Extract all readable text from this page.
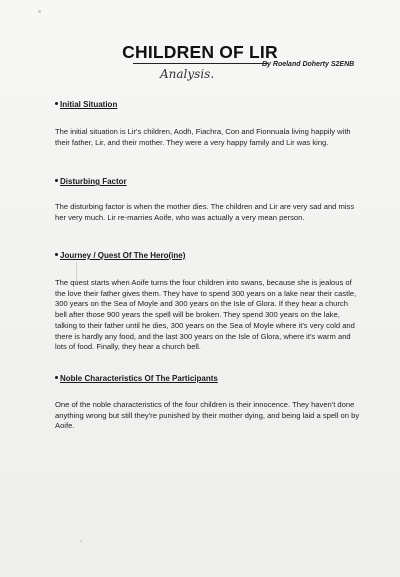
CHILDREN OF LIR
By Roeland Doherty S2ENB
Analysis.
Initial Situation
The initial situation is Lir's children, Aodh, Fiachra, Con and Fionnuala living happily with their father, Lir, and their mother. They were a very happy family and Lir was king.
Disturbing Factor
The disturbing factor is when the mother dies. The children and Lir are very sad and miss her very much. Lir re-marries Aoife, who was actually a very mean person.
Journey / Quest Of The Hero(ine)
The quest starts when Aoife turns the four children into swans, because she is jealous of the love their father gives them. They have to spend 300 years on a lake near their castle, 300 years on the Sea of Moyle and 300 years on the Isle of Glora. If they hear a church bell after those 900 years the spell will be broken. They spend 300 years on the lake, talking to their father until he dies, 300 years on the Sea of Moyle where it's very cold and there is hardly any food, and the last 300 years on the Isle of Glora, where it's warm and lots of food. Finally, they hear a church bell.
Noble Characteristics Of The Participants
One of the noble characteristics of the four children is their innocence. They haven't done anything wrong but still they're punished by their mother dying, and being laid a spell on by Aoife.
